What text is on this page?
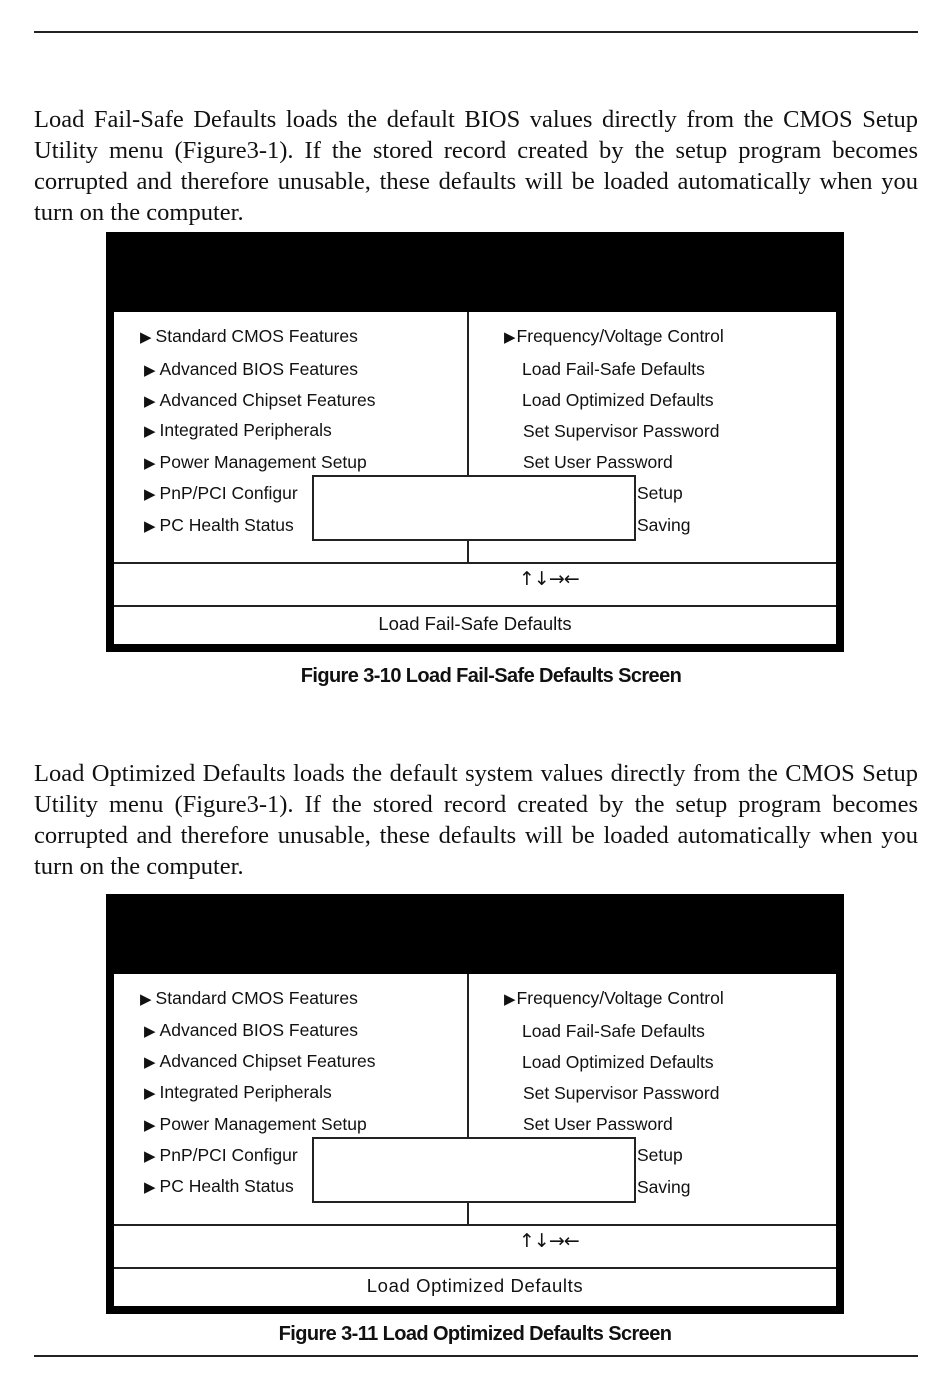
Load Fail-Safe Defaults loads the default BIOS values directly from the CMOS Setup Utility menu (Figure3-1). If the stored record created by the setup program becomes corrupted and therefore unusable, these defaults will be loaded automatically when you turn on the computer.

▶ Standard CMOS Features
▶ Advanced BIOS Features
▶ Advanced Chipset Features
▶ Integrated Peripherals
▶ Power Management Setup
▶ PnP/PCI Configur
▶ PC Health Status
▶Frequency/Voltage Control
Load Fail-Safe Defaults
Load Optimized Defaults
Set Supervisor Password
Set User Password
Setup
Saving
↑↓→←
Load Fail-Safe Defaults
Figure 3-10 Load Fail-Safe Defaults Screen

Load Optimized Defaults loads the default system values directly from the CMOS Setup Utility menu (Figure3-1). If the stored record created by the setup program becomes corrupted and therefore unusable, these defaults will be loaded automatically when you turn on the computer.

▶ Standard CMOS Features
▶ Advanced BIOS Features
▶ Advanced Chipset Features
▶ Integrated Peripherals
▶ Power Management Setup
▶ PnP/PCI Configur
▶ PC Health Status
▶Frequency/Voltage Control
Load Fail-Safe Defaults
Load Optimized Defaults
Set Supervisor Password
Set User Password
Setup
Saving
↑↓→←
Load Optimized Defaults
Figure 3-11 Load Optimized Defaults Screen
